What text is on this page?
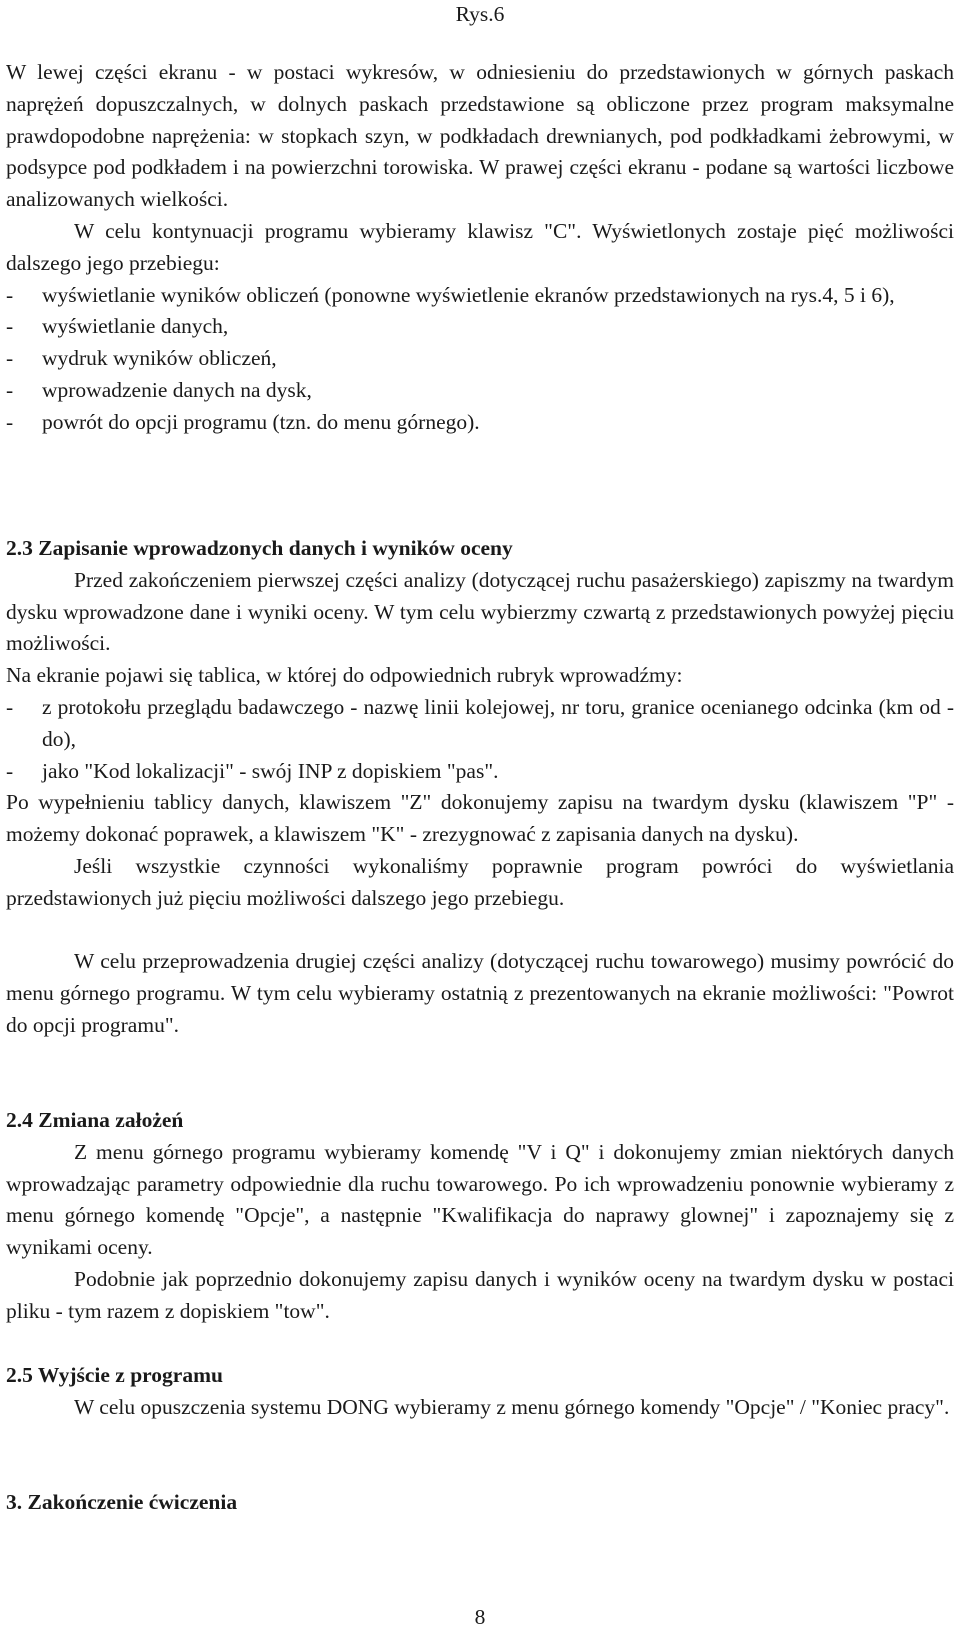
Rys.6

W lewej części ekranu - w postaci wykresów, w odniesieniu do przedstawionych w górnych paskach naprężeń dopuszczalnych, w dolnych paskach przedstawione są obliczone przez program maksymalne prawdopodobne naprężenia: w stopkach szyn, w podkładach drewnianych, pod podkładkami żebrowymi, w podsypce pod podkładem i na powierzchni torowiska. W prawej części ekranu - podane są wartości liczbowe analizowanych wielkości.

W celu kontynuacji programu wybieramy klawisz "C". Wyświetlonych zostaje pięć możliwości dalszego jego przebiegu:

-	wyświetlanie wyników obliczeń (ponowne wyświetlenie ekranów przedstawionych na rys.4, 5 i 6),
-	wyświetlanie danych,
-	wydruk wyników obliczeń,
-	wprowadzenie danych na dysk,
-	powrót do opcji programu (tzn. do menu górnego).
2.3 Zapisanie wprowadzonych danych i wyników oceny

Przed zakończeniem pierwszej części analizy (dotyczącej ruchu pasażerskiego) zapiszmy na twardym dysku wprowadzone dane i wyniki oceny. W tym celu wybierzmy czwartą z przedstawionych powyżej pięciu możliwości.

Na ekranie pojawi się tablica, w której do odpowiednich rubryk wprowadźmy:

-	z protokołu przeglądu badawczego - nazwę linii kolejowej, nr toru, granice ocenianego odcinka (km od - do),
-	jako "Kod lokalizacji" - swój INP z dopiskiem "pas".

Po wypełnieniu tablicy danych, klawiszem "Z" dokonujemy zapisu na twardym dysku (klawiszem "P" - możemy dokonać poprawek, a klawiszem "K" - zrezygnować z zapisania danych na dysku).

Jeśli wszystkie czynności wykonaliśmy poprawnie program powróci do wyświetlania przedstawionych już pięciu możliwości dalszego jego przebiegu.

W celu przeprowadzenia drugiej części analizy (dotyczącej ruchu towarowego) musimy powrócić do menu górnego programu. W tym celu wybieramy ostatnią z prezentowanych na ekranie możliwości: "Powrot do opcji programu".

2.4 Zmiana założeń

Z menu górnego programu wybieramy komendę "V i Q" i dokonujemy zmian niektórych danych wprowadzając parametry odpowiednie dla ruchu towarowego. Po ich wprowadzeniu ponownie wybieramy z menu górnego komendę "Opcje", a następnie "Kwalifikacja do naprawy glownej" i zapoznajemy się z wynikami oceny.

Podobnie jak poprzednio dokonujemy zapisu danych i wyników oceny na twardym dysku w postaci pliku - tym razem z dopiskiem "tow".

2.5 Wyjście z programu

W celu opuszczenia systemu DONG wybieramy z menu górnego komendy "Opcje" / "Koniec pracy".

3. Zakończenie ćwiczenia
8
